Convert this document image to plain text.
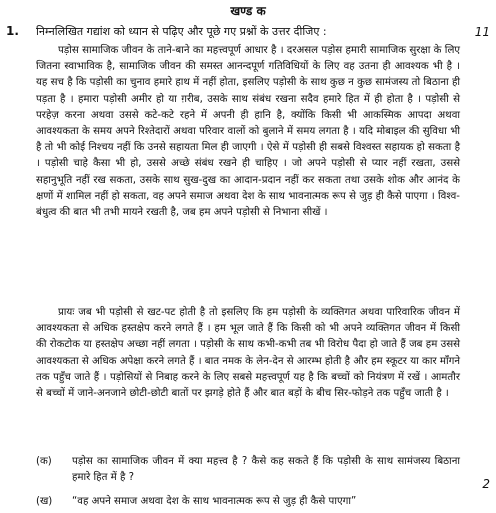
खण्ड क
1. निम्नलिखित गद्यांश को ध्यान से पढ़िए और पूछे गए प्रश्नों के उत्तर दीजिए :	11

पड़ोस सामाजिक जीवन के ताने-बाने का महत्त्वपूर्ण आधार है । दरअसल पड़ोस हमारी सामाजिक सुरक्षा के लिए जितना स्वाभाविक है, सामाजिक जीवन की समस्त आनन्दपूर्ण गतिविधियों के लिए वह उतना ही आवश्यक भी है । यह सच है कि पड़ोसी का चुनाव हमारे हाथ में नहीं होता, इसलिए पड़ोसी के साथ कुछ न कुछ सामंजस्य तो बिठाना ही पड़ता है । हमारा पड़ोसी अमीर हो या ग़रीब, उसके साथ संबंध रखना सदैव हमारे हित में ही होता है । पड़ोसी से परहेज़ करना अथवा उससे कटे-कटे रहने में अपनी ही हानि है, क्योंकि किसी भी आकस्मिक आपदा अथवा आवश्यकता के समय अपने रिश्तेदारों अथवा परिवार वालों को बुलाने में समय लगता है । यदि मोबाइल की सुविधा भी है तो भी कोई निश्चय नहीं कि उनसे सहायता मिल ही जाएगी । ऐसे में पड़ोसी ही सबसे विश्वस्त सहायक हो सकता है । पड़ोसी चाहे कैसा भी हो, उससे अच्छे संबंध रखने ही चाहिए । जो अपने पड़ोसी से प्यार नहीं रखता, उससे सहानुभूति नहीं रख सकता, उसके साथ सुख-दुख का आदान-प्रदान नहीं कर सकता तथा उसके शोक और आनंद के क्षणों में शामिल नहीं हो सकता, वह अपने समाज अथवा देश के साथ भावनात्मक रूप से जुड़ ही कैसे पाएगा । विश्व-बंधुत्व की बात भी तभी मायने रखती है, जब हम अपने पड़ोसी से निभाना सीखें ।

प्रायः जब भी पड़ोसी से खट-पट होती है तो इसलिए कि हम पड़ोसी के व्यक्तिगत अथवा पारिवारिक जीवन में आवश्यकता से अधिक हस्तक्षेप करने लगते हैं । हम भूल जाते हैं कि किसी को भी अपने व्यक्तिगत जीवन में किसी की रोकटोक या हस्तक्षेप अच्छा नहीं लगता । पड़ोसी के साथ कभी-कभी तब भी विरोध पैदा हो जाते हैं जब हम उससे आवश्यकता से अधिक अपेक्षा करने लगते हैं । बात नमक के लेन-देन से आरम्भ होती है और हम स्कूटर या कार माँगने तक पहुँच जाते हैं । पड़ोसियों से निबाह करने के लिए सबसे महत्त्वपूर्ण यह है कि बच्चों को नियंत्रण में रखें । आमतौर से बच्चों में जाने-अनजाने छोटी-छोटी बातों पर झगड़े होते हैं और बात बड़ों के बीच सिर-फोड़ने तक पहुँच जाती है ।

(क)	पड़ोस का सामाजिक जीवन में क्या महत्त्व है ? कैसे कह सकते हैं कि पड़ोसी के साथ सामंजस्य बिठाना हमारे हित में है ?	2
(ख)	“वह अपने समाज अथवा देश के साथ भावनात्मक रूप से जुड़ ही कैसे पाएगा”
